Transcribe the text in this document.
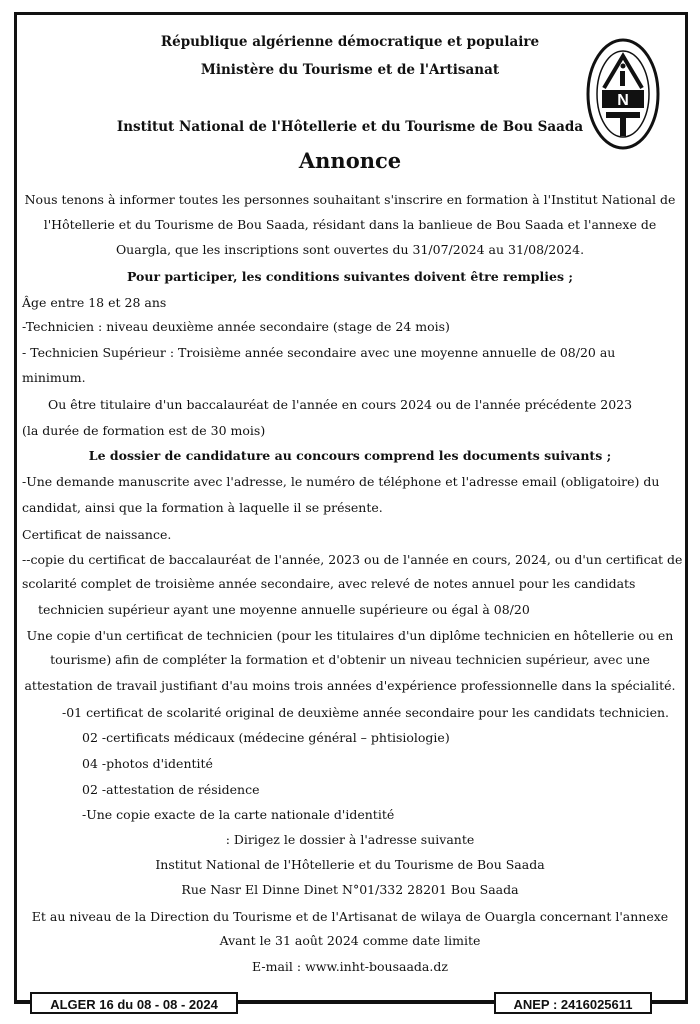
N
République algérienne démocratique et populaire
Ministère du Tourisme et de l'Artisanat
Institut National de l'Hôtellerie et du Tourisme de Bou Saada
Annonce
Nous tenons à informer toutes les personnes souhaitant s'inscrire en formation à l'Institut National de
l'Hôtellerie et du Tourisme de Bou Saada, résidant dans la banlieue de Bou Saada et l'annexe de
Ouargla, que les inscriptions sont ouvertes du 31/07/2024 au 31/08/2024.
Pour participer, les conditions suivantes doivent être remplies ;
Âge entre 18 et 28 ans
-Technicien : niveau deuxième année secondaire (stage de 24 mois)
- Technicien Supérieur : Troisième année secondaire avec une moyenne annuelle de 08/20 au
minimum.
Ou être titulaire d'un baccalauréat de l'année en cours 2024 ou de l'année précédente 2023
(la durée de formation est de 30 mois)
Le dossier de candidature au concours comprend les documents suivants ;
-Une demande manuscrite avec l'adresse, le numéro de téléphone et l'adresse email (obligatoire) du
candidat, ainsi que la formation à laquelle il se présente.
Certificat de naissance.
--copie du certificat de baccalauréat de l'année, 2023 ou de l'année en cours, 2024, ou d'un certificat de
scolarité complet de troisième année secondaire, avec relevé de notes annuel pour les candidats
technicien supérieur ayant une moyenne annuelle supérieure ou égal à 08/20
Une copie d'un certificat de technicien (pour les titulaires d'un diplôme technicien en hôtellerie ou en
tourisme) afin de compléter la formation et d'obtenir un niveau technicien supérieur, avec une
attestation de travail justifiant d'au moins trois années d'expérience professionnelle dans la spécialité.
-01 certificat de scolarité original de deuxième année secondaire pour les candidats technicien.
02 -certificats médicaux (médecine général – phtisiologie)
04 -photos d'identité
02 -attestation de résidence
-Une copie exacte de la carte nationale d'identité
: Dirigez le dossier à l'adresse suivante
Institut National de l'Hôtellerie et du Tourisme de Bou Saada
Rue Nasr El Dinne Dinet N°01/332 28201 Bou Saada
Et au niveau de la Direction du Tourisme et de l'Artisanat de wilaya de Ouargla concernant l'annexe
Avant le 31 août 2024 comme date limite
E-mail : www.inht-bousaada.dz
ALGER 16 du 08 - 08 - 2024	ANEP : 2416025611
